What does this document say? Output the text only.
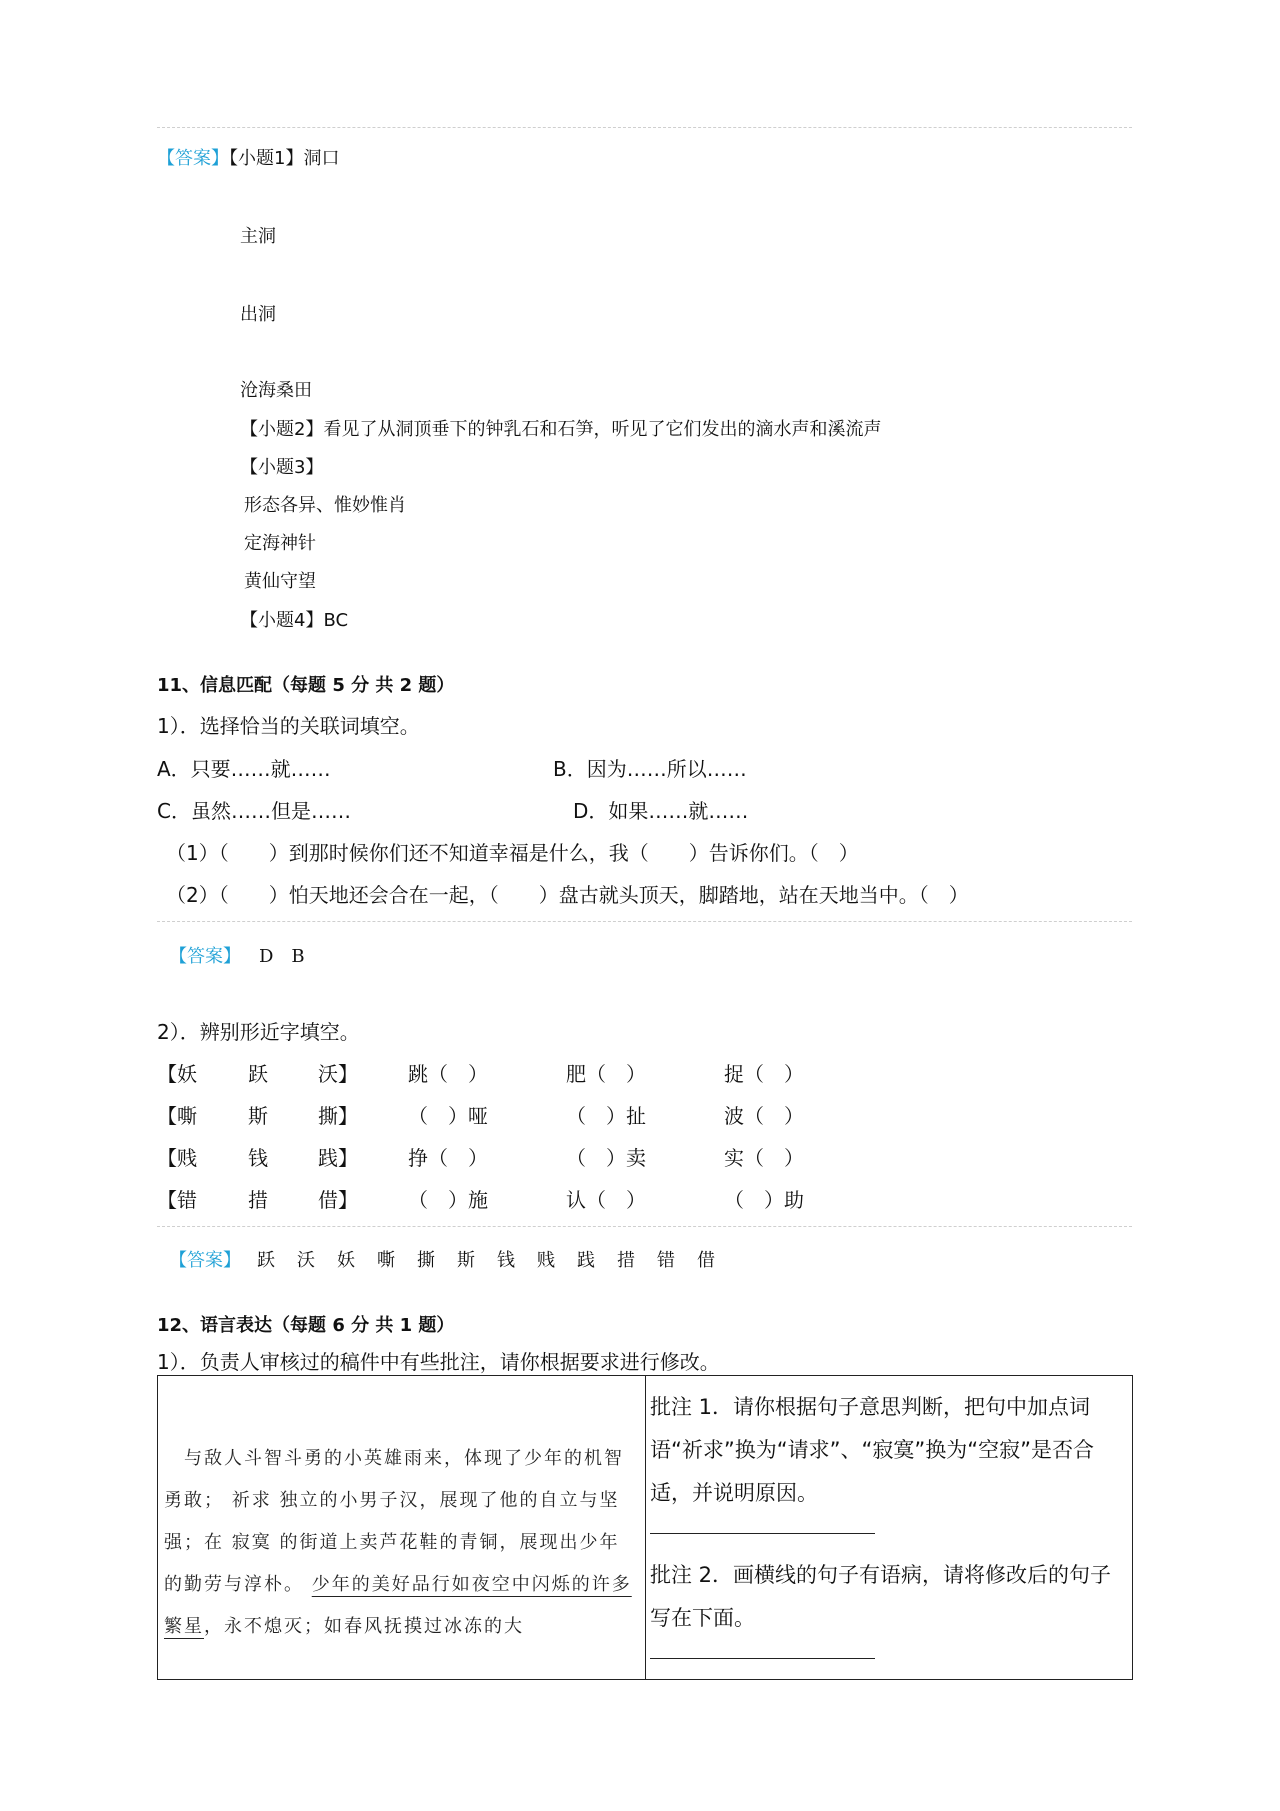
【答案】【小题1】洞口
主洞
出洞
沧海桑田
【小题2】看见了从洞顶垂下的钟乳石和石笋，听见了它们发出的滴水声和溪流声
【小题3】
形态各异、惟妙惟肖
定海神针
黄仙守望
【小题4】BC
11、信息匹配（每题 5 分 共 2 题）
1）．选择恰当的关联词填空。
A．只要……就……	B．因为……所以……
C．虽然……但是……	D．如果……就……
（1）（　　）到那时候你们还不知道幸福是什么，我（　　）告诉你们。（　）
（2）（　　）怕天地还会合在一起，（　　）盘古就头顶天，脚踏地，站在天地当中。（　）
【答案】 D　B
2）．辨别形近字填空。
【妖	跃	沃】	跳（　）	肥（　）	捉（　）
【嘶	斯	撕】	（　）哑	（　）扯	波（　）
【贱	钱	践】	挣（　）	（　）卖	实（　）
【错	措	借】	（　）施	认（　）	（　）助
【答案】 跃　沃　妖　嘶　撕　斯　钱　贱　践　措　错　借
12、语言表达（每题 6 分 共 1 题）
1）．负责人审核过的稿件中有些批注，请你根据要求进行修改。
　与敌人斗智斗勇的小英雄雨来，体现了少年的机智勇敢； 祈求 独立的小男子汉，展现了他的自立与坚强；在 寂寞 的街道上卖芦花鞋的青铜，展现出少年的勤劳与淳朴。 少年的美好品行如夜空中闪烁的许多繁星，永不熄灭；如春风抚摸过冰冻的大	
批注 1．请你根据句子意思判断，把句中加点词语“祈求”换为“请求”、“寂寞”换为“空寂”是否合适，并说明原因。
批注 2．画横线的句子有语病，请将修改后的句子写在下面。
